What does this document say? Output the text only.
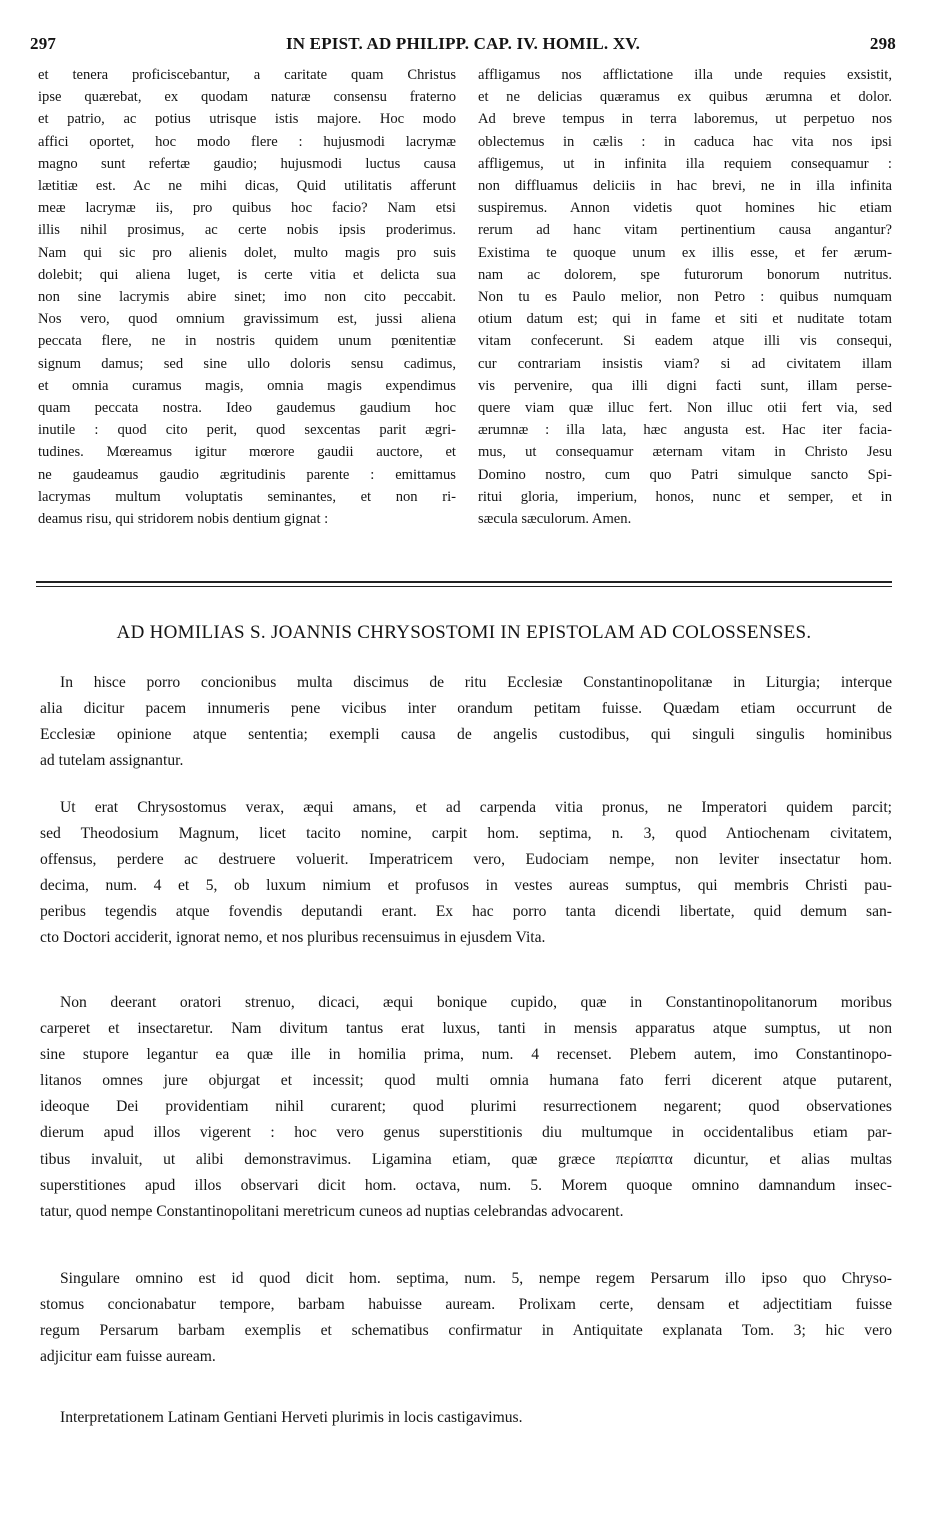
297	IN EPIST. AD PHILIPP. CAP. IV. HOMIL. XV.	298
et tenera proficiscebantur, a caritate quam Christus
ipse quærebat, ex quodam naturæ consensu fraterno
et patrio, ac potius utrisque istis majore. Hoc modo
affici oportet, hoc modo flere : hujusmodi lacrymæ
magno sunt refertæ gaudio; hujusmodi luctus causa
lætitiæ est. Ac ne mihi dicas, Quid utilitatis afferunt
meæ lacrymæ iis, pro quibus hoc facio? Nam etsi
illis nihil prosimus, ac certe nobis ipsis proderimus.
Nam qui sic pro alienis dolet, multo magis pro suis
dolebit; qui aliena luget, is certe vitia et delicta sua
non sine lacrymis abire sinet; imo non cito peccabit.
Nos vero, quod omnium gravissimum est, jussi aliena
peccata flere, ne in nostris quidem unum pœnitentiæ
signum damus; sed sine ullo doloris sensu cadimus,
et omnia curamus magis, omnia magis expendimus
quam peccata nostra. Ideo gaudemus gaudium hoc
inutile : quod cito perit, quod sexcentas parit ægri-
tudines. Mœreamus igitur mœrore gaudii auctore, et
ne gaudeamus gaudio ægritudinis parente : emittamus
lacrymas multum voluptatis seminantes, et non ri-
deamus risu, qui stridorem nobis dentium gignat :
affligamus nos afflictatione illa unde requies exsistit,
et ne delicias quæramus ex quibus ærumna et dolor.
Ad breve tempus in terra laboremus, ut perpetuo nos
oblectemus in cælis : in caduca hac vita nos ipsi
affligemus, ut in infinita illa requiem consequamur :
non diffluamus deliciis in hac brevi, ne in illa infinita
suspiremus. Annon videtis quot homines hic etiam
rerum ad hanc vitam pertinentium causa angantur?
Existima te quoque unum ex illis esse, et fer ærum-
nam ac dolorem, spe futurorum bonorum nutritus.
Non tu es Paulo melior, non Petro : quibus numquam
otium datum est; qui in fame et siti et nuditate totam
vitam confecerunt. Si eadem atque illi vis consequi,
cur contrariam insistis viam? si ad civitatem illam
vis pervenire, qua illi digni facti sunt, illam perse-
quere viam quæ illuc fert. Non illuc otii fert via, sed
ærumnæ : illa lata, hæc angusta est. Hac iter facia-
mus, ut consequamur æternam vitam in Christo Jesu
Domino nostro, cum quo Patri simulque sancto Spi-
ritui gloria, imperium, honos, nunc et semper, et in
sæcula sæculorum. Amen.
AD HOMILIAS S. JOANNIS CHRYSOSTOMI IN EPISTOLAM AD COLOSSENSES.
In hisce porro concionibus multa discimus de ritu Ecclesiæ Constantinopolitanæ in Liturgia; interque
alia dicitur pacem innumeris pene vicibus inter orandum petitam fuisse. Quædam etiam occurrunt de
Ecclesiæ opinione atque sententia; exempli causa de angelis custodibus, qui singuli singulis hominibus
ad tutelam assignantur.
Ut erat Chrysostomus verax, æqui amans, et ad carpenda vitia pronus, ne Imperatori quidem parcit;
sed Theodosium Magnum, licet tacito nomine, carpit hom. septima, n. 3, quod Antiochenam civitatem,
offensus, perdere ac destruere voluerit. Imperatricem vero, Eudociam nempe, non leviter insectatur hom.
decima, num. 4 et 5, ob luxum nimium et profusos in vestes aureas sumptus, qui membris Christi pau-
peribus tegendis atque fovendis deputandi erant. Ex hac porro tanta dicendi libertate, quid demum san-
cto Doctori acciderit, ignorat nemo, et nos pluribus recensuimus in ejusdem Vita.
Non deerant oratori strenuo, dicaci, æqui bonique cupido, quæ in Constantinopolitanorum moribus
carperet et insectaretur. Nam divitum tantus erat luxus, tanti in mensis apparatus atque sumptus, ut non
sine stupore legantur ea quæ ille in homilia prima, num. 4 recenset. Plebem autem, imo Constantinopo-
litanos omnes jure objurgat et incessit; quod multi omnia humana fato ferri dicerent atque putarent,
ideoque Dei providentiam nihil curarent; quod plurimi resurrectionem negarent; quod observationes
dierum apud illos vigerent : hoc vero genus superstitionis diu multumque in occidentalibus etiam par-
tibus invaluit, ut alibi demonstravimus. Ligamina etiam, quæ græce περίαπτα dicuntur, et alias multas
superstitiones apud illos observari dicit hom. octava, num. 5. Morem quoque omnino damnandum insec-
tatur, quod nempe Constantinopolitani meretricum cuneos ad nuptias celebrandas advocarent.
Singulare omnino est id quod dicit hom. septima, num. 5, nempe regem Persarum illo ipso quo Chryso-
stomus concionabatur tempore, barbam habuisse auream. Prolixam certe, densam et adjectitiam fuisse
regum Persarum barbam exemplis et schematibus confirmatur in Antiquitate explanata Tom. 3; hic vero
adjicitur eam fuisse auream.
Interpretationem Latinam Gentiani Herveti plurimis in locis castigavimus.
